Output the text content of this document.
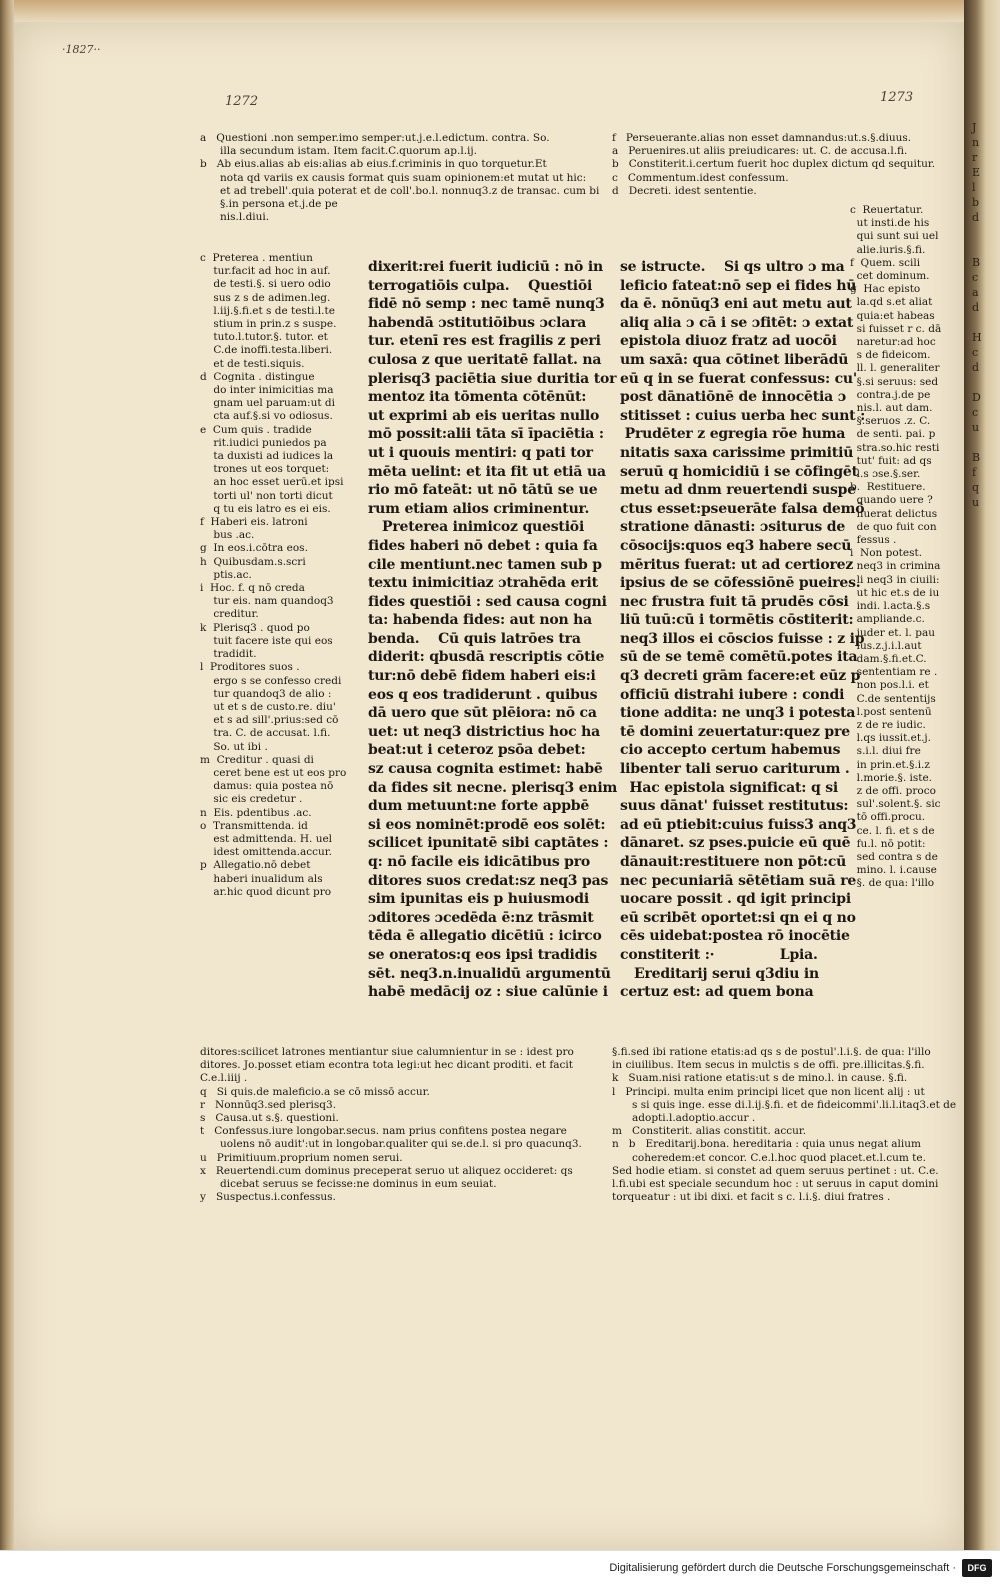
J
n
r
E
l
b
d

B
c
a
d

H
c
d

D
c
u

B
f
q
u
·1827··
1272	1273
a   Questioni .non semper.imo semper:ut.j.e.l.edictum. contra. So.
illa secundum istam. Item facit.C.quorum ap.l.ij.
b   Ab eius.alias ab eis:alias ab eius.f.criminis in quo torquetur.Et
nota qd variis ex causis format quis suam opinionem:et mutat ut hic:
et ad trebell'.quia poterat et de coll'.bo.l. nonnuq3.z de transac. cum bi
§.in persona et.j.de pe
nis.l.diui.
f   Perseuerante.alias non esset damnandus:ut.s.§.diuus.
a   Peruenires.ut aliis preiudicares: ut. C. de accusa.l.fi.
b   Constiterit.i.certum fuerit hoc duplex dictum qd sequitur.
c   Commentum.idest confessum.
d   Decreti. idest sententie.
c  Preterea . mentiun
tur.facit ad hoc in auf.
de testi.§. si uero odio
sus z s de adimen.leg.
l.iij.§.fi.et s de testi.l.te
stium in prin.z s suspe.
tuto.l.tutor.§. tutor. et
C.de inoffi.testa.liberi.
et de testi.siquis.
d  Cognita . distingue
do inter inimicitias ma
gnam uel paruam:ut di
cta auf.§.si vo odiosus.
e  Cum quis . tradide
rit.iudici puniedos pa
ta duxisti ad iudices la
trones ut eos torquet:
an hoc esset uerū.et ipsi
torti ul' non torti dicut
q tu eis latro es ei eis.
f  Haberi eis. latroni
bus .ac.
g  In eos.i.cōtra eos.
h  Quibusdam.s.scri
ptis.ac.
i  Hoc. f. q nō creda
tur eis. nam quandoq3
creditur.
k  Plerisq3 . quod po
tuit facere iste qui eos
tradidit.
l  Proditores suos .
ergo s se confesso credi
tur quandoq3 de alio :
ut et s de custo.re. diu'
et s ad sill'.prius:sed cō
tra. C. de accusat. l.fi.
So. ut ibi .
m  Creditur . quasi di
ceret bene est ut eos pro
damus: quia postea nō
sic eis credetur .
n  Eis. pdentibus .ac.
o  Transmittenda. id
est admittenda. H. uel
idest omittenda.accur.
p  Allegatio.nō debet
haberi inualidum als
ar.hic quod dicunt pro
dixerit:rei fuerit iudiciū : nō in
terrogatiōis culpa.    Questiōi
fidē nō semp : nec tamē nunq3
habendā ɔstitutiōibus ɔclara
tur. etenī res est fragilis z peri
culosa z que ueritatē fallat. na
plerisq3 paciētia siue duritia tor
mentoz ita tōmenta cōtēnūt:
ut exprimi ab eis ueritas nullo
mō possit:alii tāta sī īpaciētia :
ut i quouis mentiri: q pati tor
mēta uelint: et ita fit ut etiā ua
rio mō fateāt: ut nō tātū se ue
rum etiam alios criminentur.
Preterea inimicoz questiōi
fides haberi nō debet : quia fa
cile mentiunt.nec tamen sub p
textu inimicitiaz ɔtrahēda erit
fides questiōi : sed causa cogni
ta: habenda fides: aut non ha
benda.    Cū quis latrōes tra
diderit: qbusdā rescriptis cōtie
tur:nō debē fidem haberi eis:i
eos q eos tradiderunt . quibus
dā uero que sūt plēiora: nō ca
uet: ut neq3 districtius hoc ha
beat:ut i ceteroz psōa debet:
sz causa cognita estimet: habē
da fides sit necne. plerisq3 enim
dum metuunt:ne forte appbē
si eos nominēt:prodē eos solēt:
scilicet ipunitatē sibi captātes :
q: nō facile eis idicātibus pro
ditores suos credat:sz neq3 pas
sim ipunitas eis p huiusmodi
ɔditores ɔcedēda ē:nz trāsmit
tēda ē allegatio dicētiū : icirco
se oneratos:q eos ipsi tradidis
sēt. neq3.n.inualidū argumentū
habē medācij oz : siue calūnie i
se istructe.    Si qs ultro ɔ ma
leficio fateat:nō sep ei fides
da ē. nōnūq3 eni aut metu aut
aliq alia ɔ cā i se ɔfitēt: ɔ extat
epistola diuoz fratz ad uocōi
um saxā: qua cōtinet liberādū
eū q in se fuerat confessus:
post dānatiōnē de innocētia
stitisset : cuius uerba hec sunt
Prudēter z egregia rōe huma
nitatis saxa carissime primitiū
seruū q homicidiū i se cōfingēt
metu ad dnm reuertendi suspe
ctus esset:pseuerāte falsa
stratione dānasti: ɔsiturus de
cōsocijs:quos eq3 habere secū
mēritus fuerat: ut ad certiorez
ipsius de se cōfessiōnē pueires.
nec frustra fuit tā prudēs cōsi
liū tuū:cū i tormētis cōstiterit:
neq3 illos ei cōscios fuisse :
sū de se temē comētū.potes
q3 decreti grām facere:et eūz
officiū distrahi iubere : condi
tione addita: ne unq3 i potesta
tē domini zeuertatur:quez pre
cio accepto certum habemus
libenter tali seruo cariturum
Hac epistola significat: q si
suus dānat' fuisset restitutus:
ad eū ptiebit:cuius fuiss3 anq3
dānaret. sz pses.puicie eū quē
dānauit:restituere non pōt:cū
nec pecuniariā sētētiam suā
uocare possit . qd igit principi
eū scribēt oportet:si qn ei q
cēs uidebat:postea rō inocētie
constiterit :·              Lpia.
Ereditarij serui q3diu in
certuz est: ad quem bona
c  Reuertatur.
ut insti.de his
qui sunt sui uel
alie.iuris.§.fi.
f  Quem. scili
cet dominum.
g  Hac episto
la.qd s.et aliat
quia:et habeas
si fuisset r c. dā
naretur:ad hoc
s de fideicom.
ll. l. generaliter
§.si seruus: sed
contra.j.de pe
nis.l. aut dam.
§.seruos .z. C.
de senti. pai. p
stra.so.hic resti
tut' fuit: ad qs
l.s ɔse.§.ser.
b.  Restituere.
quando uere ?
nuerat delictus
de quo fuit con
fessus .
i  Non potest.
neq3 in crimina
li neq3 in ciuili:
ut hic et.s de iu
indi. l.acta.§.s
ampliande.c.
iuder et. l. pau
lus.z.j.i.l.aut
dam.§.fi.et.C.
sententiam re .
non pos.l.i. et
C.de sententijs
l.post sentenū
z de re iudic.
l.qs iussit.et.j.
s.i.l. diui fre
in prin.et.§.i.z
l.morie.§. iste.
z de offi. proco
sul'.solent.§. sic
tō offi.procu.
ce. l. fi. et s de
fu.l. nō potit:
sed contra s de
mino. l. i.cause
§. de qua: l'illo
ditores:scilicet latrones mentiantur siue calumnientur in se : idest pro
ditores. Jo.posset etiam econtra tota legi:ut hec dicant proditi. et facit
C.e.l.iiij .
q   Si quis.de maleficio.a se cō missō accur.
r   Nonnūq3.sed plerisq3.
s   Causa.ut s.§. questioni.
t   Confessus.iure longobar.secus. nam prius confitens postea negare
uolens nō audit':ut in longobar.qualiter qui se.de.l. si pro quacunq3.
u   Primitiuum.proprium nomen serui.
x   Reuertendi.cum dominus preceperat seruo ut aliquez occideret: qs
dicebat seruus se fecisse:ne dominus in eum seuiat.
y   Suspectus.i.confessus.
§.fi.sed ibi ratione etatis:ad qs s de postul'.l.i.§. de qua: l'illo
in ciuilibus. Item secus in mulctis s de offi. pre.illicitas.§.fi.
k   Suam.nisi ratione etatis:ut s de mino.l. in cause. §.fi.
l   Principi. multa enim principi licet que non licent alij : ut
s si quis inge. esse di.l.ij.§.fi. et de fideicommi'.li.l.itaq3.et de
adopti.l.adoptio.accur .
m   Constiterit. alias constitit. accur.
n   b   Ereditarij.bona. hereditaria : quia unus negat alium
coheredem:et concor. C.e.l.hoc quod placet.et.l.cum te.
Sed hodie etiam. si constet ad quem seruus pertinet : ut. C.e.
l.fi.ubi est speciale secundum hoc : ut seruus in caput domini
torqueatur : ut ibi dixi. et facit s c. l.i.§. diui fratres .
Digitalisierung gefördert durch die Deutsche Forschungsgemeinschaft ·	DFG
